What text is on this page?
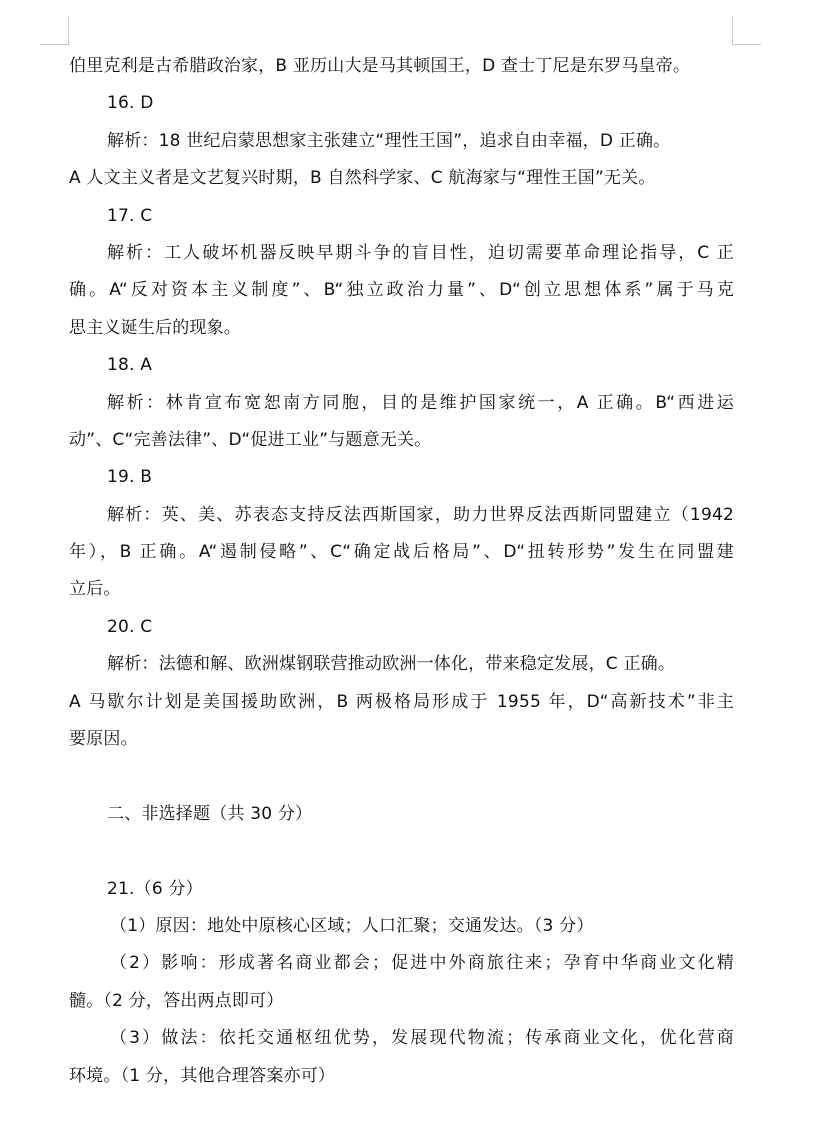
伯里克利是古希腊政治家，B 亚历山大是马其顿国王，D 查士丁尼是东罗马皇帝。
16. D
解析：18 世纪启蒙思想家主张建立“理性王国”，追求自由幸福，D 正确。
A 人文主义者是文艺复兴时期，B 自然科学家、C 航海家与“理性王国”无关。
17. C
解析：工人破坏机器反映早期斗争的盲目性，迫切需要革命理论指导，C 正
确。A“反对资本主义制度”、B“独立政治力量”、D“创立思想体系”属于马克
思主义诞生后的现象。
18. A
解析：林肯宣布宽恕南方同胞，目的是维护国家统一，A 正确。B“西进运
动”、C“完善法律”、D“促进工业”与题意无关。
19. B
解析：英、美、苏表态支持反法西斯国家，助力世界反法西斯同盟建立（1942
年），B 正确。A“遏制侵略”、C“确定战后格局”、D“扭转形势”发生在同盟建
立后。
20. C
解析：法德和解、欧洲煤钢联营推动欧洲一体化，带来稳定发展，C 正确。
A 马歇尔计划是美国援助欧洲，B 两极格局形成于 1955 年，D“高新技术”非主
要原因。
二、非选择题（共 30 分）
21.（6 分）
（1）原因：地处中原核心区域；人口汇聚；交通发达。（3 分）
（2）影响：形成著名商业都会；促进中外商旅往来；孕育中华商业文化精
髓。（2 分，答出两点即可）
（3）做法：依托交通枢纽优势，发展现代物流；传承商业文化，优化营商
环境。（1 分，其他合理答案亦可）
